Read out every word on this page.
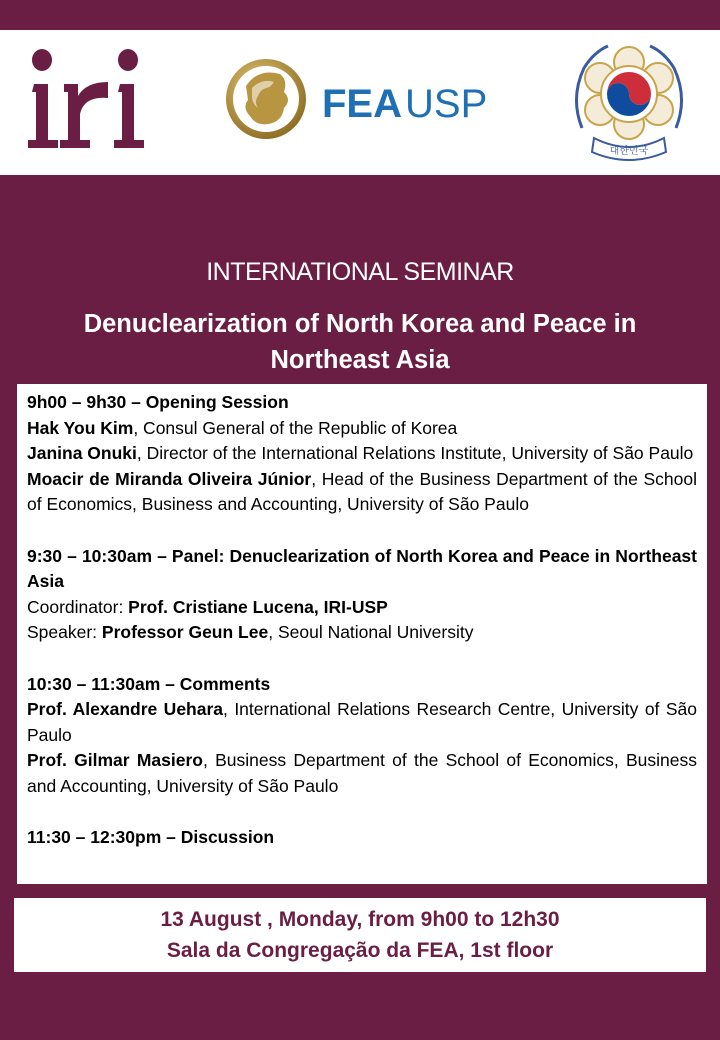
FEA USP
대한민국
INTERNATIONAL SEMINAR
Denuclearization of North Korea and Peace in Northeast Asia

9h00 – 9h30 – Opening Session

Hak You Kim, Consul General of the Republic of Korea

Janina Onuki, Director of the International Relations Institute, University of São Paulo

Moacir de Miranda Oliveira Júnior, Head of the Business Department of the School of Economics, Business and Accounting, University of São Paulo

9:30 – 10:30am – Panel: Denuclearization of North Korea and Peace in Northeast Asia

Coordinator: Prof. Cristiane Lucena, IRI-USP

Speaker: Professor Geun Lee, Seoul National University

10:30 – 11:30am – Comments

Prof. Alexandre Uehara, International Relations Research Centre, University of São Paulo

Prof. Gilmar Masiero, Business Department of the School of Economics, Business and Accounting, University of São Paulo

11:30 – 12:30pm – Discussion

13 August , Monday, from 9h00 to 12h30
Sala da Congregação da FEA, 1st floor
